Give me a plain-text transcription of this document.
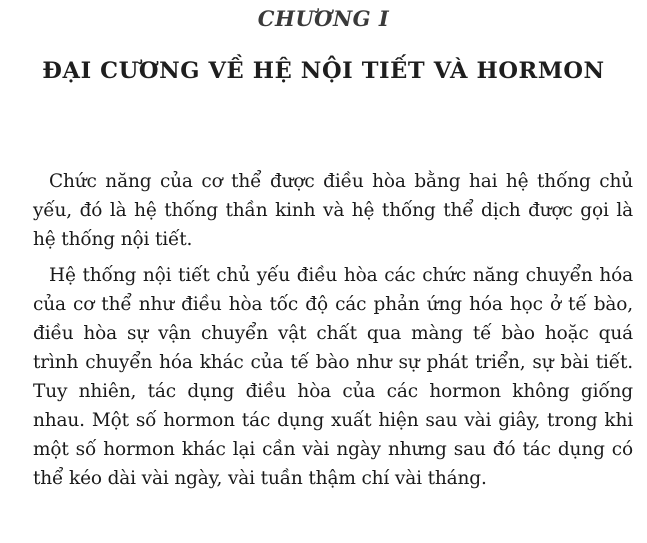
CHƯƠNG I
ĐẠI CƯƠNG VỀ HỆ NỘI TIẾT VÀ HORMON

Chức năng của cơ thể được điều hòa bằng hai hệ thống chủ yếu, đó là hệ thống thần kinh và hệ thống thể dịch được gọi là hệ thống nội tiết.

Hệ thống nội tiết chủ yếu điều hòa các chức năng chuyển hóa của cơ thể như điều hòa tốc độ các phản ứng hóa học ở tế bào, điều hòa sự vận chuyển vật chất qua màng tế bào hoặc quá trình chuyển hóa khác của tế bào như sự phát triển, sự bài tiết. Tuy nhiên, tác dụng điều hòa của các hormon không giống nhau. Một số hormon tác dụng xuất hiện sau vài giây, trong khi một số hormon khác lại cần vài ngày nhưng sau đó tác dụng có thể kéo dài vài ngày, vài tuần thậm chí vài tháng.
